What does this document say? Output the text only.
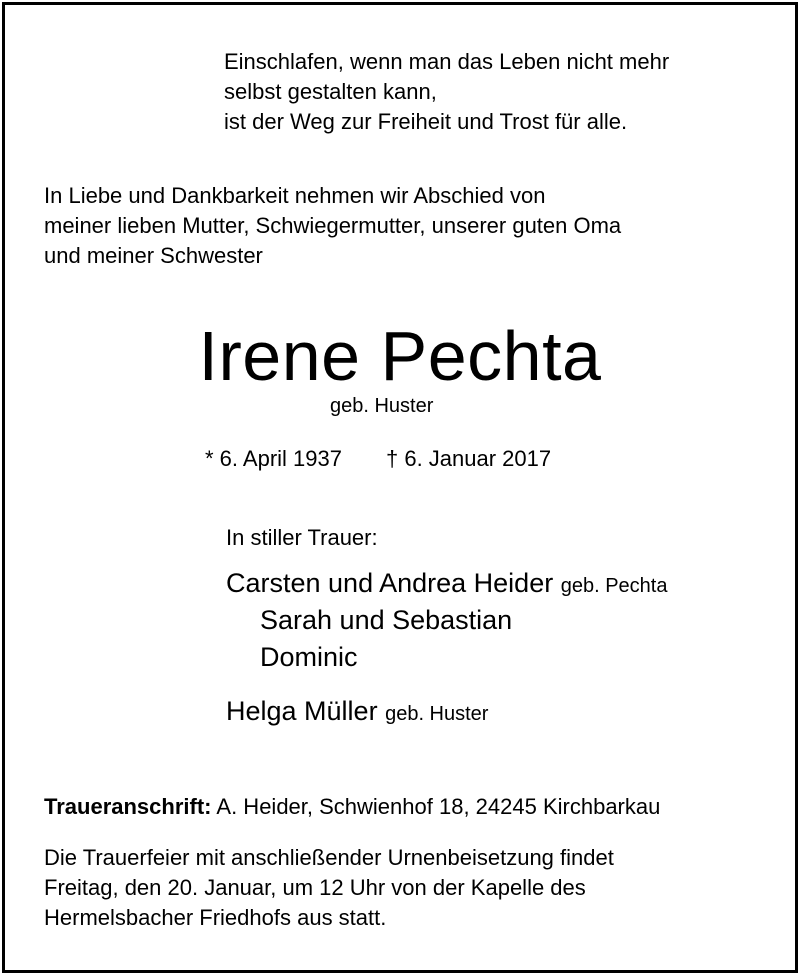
Einschlafen, wenn man das Leben nicht mehr
selbst gestalten kann,
ist der Weg zur Freiheit und Trost für alle.
In Liebe und Dankbarkeit nehmen wir Abschied von
meiner lieben Mutter, Schwiegermutter, unserer guten Oma
und meiner Schwester
Irene Pechta
geb. Huster
* 6. April 1937 † 6. Januar 2017
In stiller Trauer:
Carsten und Andrea Heider geb. Pechta
Sarah und Sebastian
Dominic
Helga Müller geb. Huster
Traueranschrift: A. Heider, Schwienhof 18, 24245 Kirchbarkau
Die Trauerfeier mit anschließender Urnenbeisetzung findet
Freitag, den 20. Januar, um 12 Uhr von der Kapelle des
Hermelsbacher Friedhofs aus statt.
